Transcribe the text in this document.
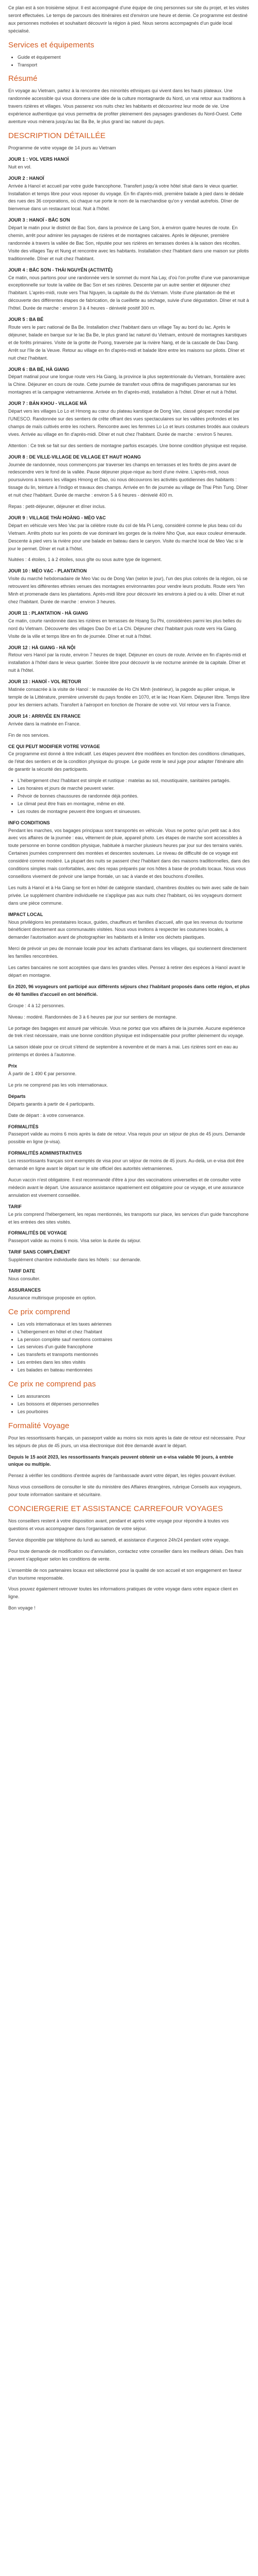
Ce plan est à son troisième séjour. Il est accompagné d'une équipe de cinq personnes sur site du projet, et les visites seront effectuées. Le temps de parcours des itinéraires est d'environ une heure et demie. Ce programme est destiné aux personnes motivées et souhaitant découvrir la région à pied. Nous serons accompagnés d'un guide local spécialisé.

Services et équipements
• Guide et équipement
• Transport
Résumé

En voyage au Vietnam, partez à la rencontre des minorités ethniques qui vivent dans les hauts plateaux. Une randonnée accessible qui vous donnera une idée de la culture montagnarde du Nord, un vrai retour aux traditions à travers rizières et villages. Vous passerez vos nuits chez les habitants et découvrirez leur mode de vie. Une expérience authentique qui vous permettra de profiter pleinement des paysages grandioses du Nord-Ouest. Cette aventure vous mènera jusqu'au lac Ba Be, le plus grand lac naturel du pays.

DESCRIPTION DÉTAILLÉE

Programme de votre voyage de 14 jours au Vietnam

JOUR 1 : VOL VERS HANOÏ

Nuit en vol.

JOUR 2 : HANOÏ

Arrivée à Hanoï et accueil par votre guide francophone. Transfert jusqu'à votre hôtel situé dans le vieux quartier. Installation et temps libre pour vous reposer du voyage. En fin d'après-midi, première balade à pied dans le dédale des rues des 36 corporations, où chaque rue porte le nom de la marchandise qu'on y vendait autrefois. Dîner de bienvenue dans un restaurant local. Nuit à l'hôtel.

JOUR 3 : HANOÏ - BẮC SƠN

Départ le matin pour le district de Bac Son, dans la province de Lang Son, à environ quatre heures de route. En chemin, arrêt pour admirer les paysages de rizières et de montagnes calcaires. Après le déjeuner, première randonnée à travers la vallée de Bac Son, réputée pour ses rizières en terrasses dorées à la saison des récoltes. Visite des villages Tay et Nung et rencontre avec les habitants. Installation chez l'habitant dans une maison sur pilotis traditionnelle. Dîner et nuit chez l'habitant.

JOUR 4 : BẮC SƠN - THÁI NGUYÊN (ACTIVITÉ)

Ce matin, nous partons pour une randonnée vers le sommet du mont Na Lay, d'où l'on profite d'une vue panoramique exceptionnelle sur toute la vallée de Bac Son et ses rizières. Descente par un autre sentier et déjeuner chez l'habitant. L'après-midi, route vers Thai Nguyen, la capitale du thé du Vietnam. Visite d'une plantation de thé et découverte des différentes étapes de fabrication, de la cueillette au séchage, suivie d'une dégustation. Dîner et nuit à l'hôtel. Durée de marche : environ 3 à 4 heures - dénivelé positif 300 m.

JOUR 5 : BA BỂ

Route vers le parc national de Ba Be. Installation chez l'habitant dans un village Tay au bord du lac. Après le déjeuner, balade en barque sur le lac Ba Be, le plus grand lac naturel du Vietnam, entouré de montagnes karstiques et de forêts primaires. Visite de la grotte de Puong, traversée par la rivière Nang, et de la cascade de Dau Dang. Arrêt sur l'île de la Veuve. Retour au village en fin d'après-midi et balade libre entre les maisons sur pilotis. Dîner et nuit chez l'habitant.

JOUR 6 : BA BỂ, HÀ GIANG

Départ matinal pour une longue route vers Ha Giang, la province la plus septentrionale du Vietnam, frontalière avec la Chine. Déjeuner en cours de route. Cette journée de transfert vous offrira de magnifiques panoramas sur les montagnes et la campagne vietnamienne. Arrivée en fin d'après-midi, installation à l'hôtel. Dîner et nuit à l'hôtel.

JOUR 7 : BẢN KHOU - VILLAGE MÃ

Départ vers les villages Lo Lo et Hmong au cœur du plateau karstique de Dong Van, classé géoparc mondial par l'UNESCO. Randonnée sur des sentiers de crête offrant des vues spectaculaires sur les vallées profondes et les champs de maïs cultivés entre les rochers. Rencontre avec les femmes Lo Lo et leurs costumes brodés aux couleurs vives. Arrivée au village en fin d'après-midi. Dîner et nuit chez l'habitant. Durée de marche : environ 5 heures.

Attention : Ce trek se fait sur des sentiers de montagne parfois escarpés. Une bonne condition physique est requise.

JOUR 8 : DE VILLE-VILLAGE DE VILLAGE ET HAUT HOANG

Journée de randonnée, nous commençons par traverser les champs en terrasses et les forêts de pins avant de redescendre vers le fond de la vallée. Pause déjeuner pique-nique au bord d'une rivière. L'après-midi, nous poursuivons à travers les villages Hmong et Dao, où nous découvrons les activités quotidiennes des habitants : tissage du lin, teinture à l'indigo et travaux des champs. Arrivée en fin de journée au village de Thai Phin Tung. Dîner et nuit chez l'habitant. Durée de marche : environ 5 à 6 heures - dénivelé 400 m.

Repas : petit-déjeuner, déjeuner et dîner inclus.

JOUR 9 : VILLAGE THÀI HOÀNG - MÈO VẠC

Départ en véhicule vers Meo Vac par la célèbre route du col de Ma Pi Leng, considéré comme le plus beau col du Vietnam. Arrêts photo sur les points de vue dominant les gorges de la rivière Nho Que, aux eaux couleur émeraude. Descente à pied vers la rivière pour une balade en bateau dans le canyon. Visite du marché local de Meo Vac si le jour le permet. Dîner et nuit à l'hôtel.

Nuitées : 4 étoiles, 1 à 2 étoiles, sous gîte ou sous autre type de logement.

JOUR 10 : MÈO VẠC - PLANTATION

Visite du marché hebdomadaire de Meo Vac ou de Dong Van (selon le jour), l'un des plus colorés de la région, où se retrouvent les différentes ethnies venues des montagnes environnantes pour vendre leurs produits. Route vers Yen Minh et promenade dans les plantations. Après-midi libre pour découvrir les environs à pied ou à vélo. Dîner et nuit chez l'habitant. Durée de marche : environ 3 heures.

JOUR 11 : PLANTATION - HÀ GIANG

Ce matin, courte randonnée dans les rizières en terrasses de Hoang Su Phi, considérées parmi les plus belles du nord du Vietnam. Découverte des villages Dao Do et La Chi. Déjeuner chez l'habitant puis route vers Ha Giang. Visite de la ville et temps libre en fin de journée. Dîner et nuit à l'hôtel.

JOUR 12 : HÀ GIANG - HÀ NỘI

Retour vers Hanoï par la route, environ 7 heures de trajet. Déjeuner en cours de route. Arrivée en fin d'après-midi et installation à l'hôtel dans le vieux quartier. Soirée libre pour découvrir la vie nocturne animée de la capitale. Dîner et nuit à l'hôtel.

JOUR 13 : HANOÏ - VOL RETOUR

Matinée consacrée à la visite de Hanoï : le mausolée de Ho Chi Minh (extérieur), la pagode au pilier unique, le temple de la Littérature, première université du pays fondée en 1070, et le lac Hoan Kiem. Déjeuner libre. Temps libre pour les derniers achats. Transfert à l'aéroport en fonction de l'horaire de votre vol. Vol retour vers la France.

JOUR 14 : ARRIVÉE EN FRANCE

Arrivée dans la matinée en France.

Fin de nos services.

CE QUI PEUT MODIFIER VOTRE VOYAGE

Ce programme est donné à titre indicatif. Les étapes peuvent être modifiées en fonction des conditions climatiques, de l'état des sentiers et de la condition physique du groupe. Le guide reste le seul juge pour adapter l'itinéraire afin de garantir la sécurité des participants.

• L'hébergement chez l'habitant est simple et rustique : matelas au sol, moustiquaire, sanitaires partagés.
• Les horaires et jours de marché peuvent varier.
• Prévoir de bonnes chaussures de randonnée déjà portées.
• Le climat peut être frais en montagne, même en été.
• Les routes de montagne peuvent être longues et sinueuses.
INFO CONDITIONS

Pendant les marches, vos bagages principaux sont transportés en véhicule. Vous ne portez qu'un petit sac à dos avec vos affaires de la journée : eau, vêtement de pluie, appareil photo. Les étapes de marche sont accessibles à toute personne en bonne condition physique, habituée à marcher plusieurs heures par jour sur des terrains variés. Certaines journées comprennent des montées et descentes soutenues. Le niveau de difficulté de ce voyage est considéré comme modéré. La plupart des nuits se passent chez l'habitant dans des maisons traditionnelles, dans des conditions simples mais confortables, avec des repas préparés par nos hôtes à base de produits locaux. Nous vous conseillons vivement de prévoir une lampe frontale, un sac à viande et des bouchons d'oreilles.

Les nuits à Hanoï et à Ha Giang se font en hôtel de catégorie standard, chambres doubles ou twin avec salle de bain privée. Le supplément chambre individuelle ne s'applique pas aux nuits chez l'habitant, où les voyageurs dorment dans une pièce commune.

IMPACT LOCAL

Nous privilégions les prestataires locaux, guides, chauffeurs et familles d'accueil, afin que les revenus du tourisme bénéficient directement aux communautés visitées. Nous vous invitons à respecter les coutumes locales, à demander l'autorisation avant de photographier les habitants et à limiter vos déchets plastiques.

Merci de prévoir un peu de monnaie locale pour les achats d'artisanat dans les villages, qui soutiennent directement les familles rencontrées.

Les cartes bancaires ne sont acceptées que dans les grandes villes. Pensez à retirer des espèces à Hanoï avant le départ en montagne.

En 2020, 96 voyageurs ont participé aux différents séjours chez l'habitant proposés dans cette région, et plus de 40 familles d'accueil en ont bénéficié.

Groupe : 4 à 12 personnes.

Niveau : modéré. Randonnées de 3 à 6 heures par jour sur sentiers de montagne.

Le portage des bagages est assuré par véhicule. Vous ne portez que vos affaires de la journée. Aucune expérience de trek n'est nécessaire, mais une bonne condition physique est indispensable pour profiter pleinement du voyage.

La saison idéale pour ce circuit s'étend de septembre à novembre et de mars à mai. Les rizières sont en eau au printemps et dorées à l'automne.

Prix

À partir de 1 490 € par personne.

Le prix ne comprend pas les vols internationaux.

Départs

Départs garantis à partir de 4 participants.

Date de départ : à votre convenance.

FORMALITÉS

Passeport valide au moins 6 mois après la date de retour. Visa requis pour un séjour de plus de 45 jours. Demande possible en ligne (e-visa).

FORMALITÉS ADMINISTRATIVES

Les ressortissants français sont exemptés de visa pour un séjour de moins de 45 jours. Au-delà, un e-visa doit être demandé en ligne avant le départ sur le site officiel des autorités vietnamiennes.

Aucun vaccin n'est obligatoire. Il est recommandé d'être à jour des vaccinations universelles et de consulter votre médecin avant le départ. Une assurance assistance rapatriement est obligatoire pour ce voyage, et une assurance annulation est vivement conseillée.

TARIF

Le prix comprend l'hébergement, les repas mentionnés, les transports sur place, les services d'un guide francophone et les entrées des sites visités.

FORMALITÉS DE VOYAGE

Passeport valide au moins 6 mois. Visa selon la durée du séjour.

TARIF SANS COMPLÉMENT

Supplément chambre individuelle dans les hôtels : sur demande.

TARIF DATE

Nous consulter.

ASSURANCES

Assurance multirisque proposée en option.

Ce prix comprend
• Les vols internationaux et les taxes aériennes
• L'hébergement en hôtel et chez l'habitant
• La pension complète sauf mentions contraires
• Les services d'un guide francophone
• Les transferts et transports mentionnés
• Les entrées dans les sites visités
• Les balades en bateau mentionnées
Ce prix ne comprend pas
• Les assurances
• Les boissons et dépenses personnelles
• Les pourboires
Formalité Voyage

Pour les ressortissants français, un passeport valide au moins six mois après la date de retour est nécessaire. Pour les séjours de plus de 45 jours, un visa électronique doit être demandé avant le départ.

Depuis le 15 août 2023, les ressortissants français peuvent obtenir un e-visa valable 90 jours, à entrée unique ou multiple.

Pensez à vérifier les conditions d'entrée auprès de l'ambassade avant votre départ, les règles pouvant évoluer.

Nous vous conseillons de consulter le site du ministère des Affaires étrangères, rubrique Conseils aux voyageurs, pour toute information sanitaire et sécuritaire.

CONCIERGERIE ET ASSISTANCE CARREFOUR VOYAGES

Nos conseillers restent à votre disposition avant, pendant et après votre voyage pour répondre à toutes vos questions et vous accompagner dans l'organisation de votre séjour.

Service disponible par téléphone du lundi au samedi, et assistance d'urgence 24h/24 pendant votre voyage.

Pour toute demande de modification ou d'annulation, contactez votre conseiller dans les meilleurs délais. Des frais peuvent s'appliquer selon les conditions de vente.

L'ensemble de nos partenaires locaux est sélectionné pour la qualité de son accueil et son engagement en faveur d'un tourisme responsable.

Vous pouvez également retrouver toutes les informations pratiques de votre voyage dans votre espace client en ligne.

Bon voyage !
